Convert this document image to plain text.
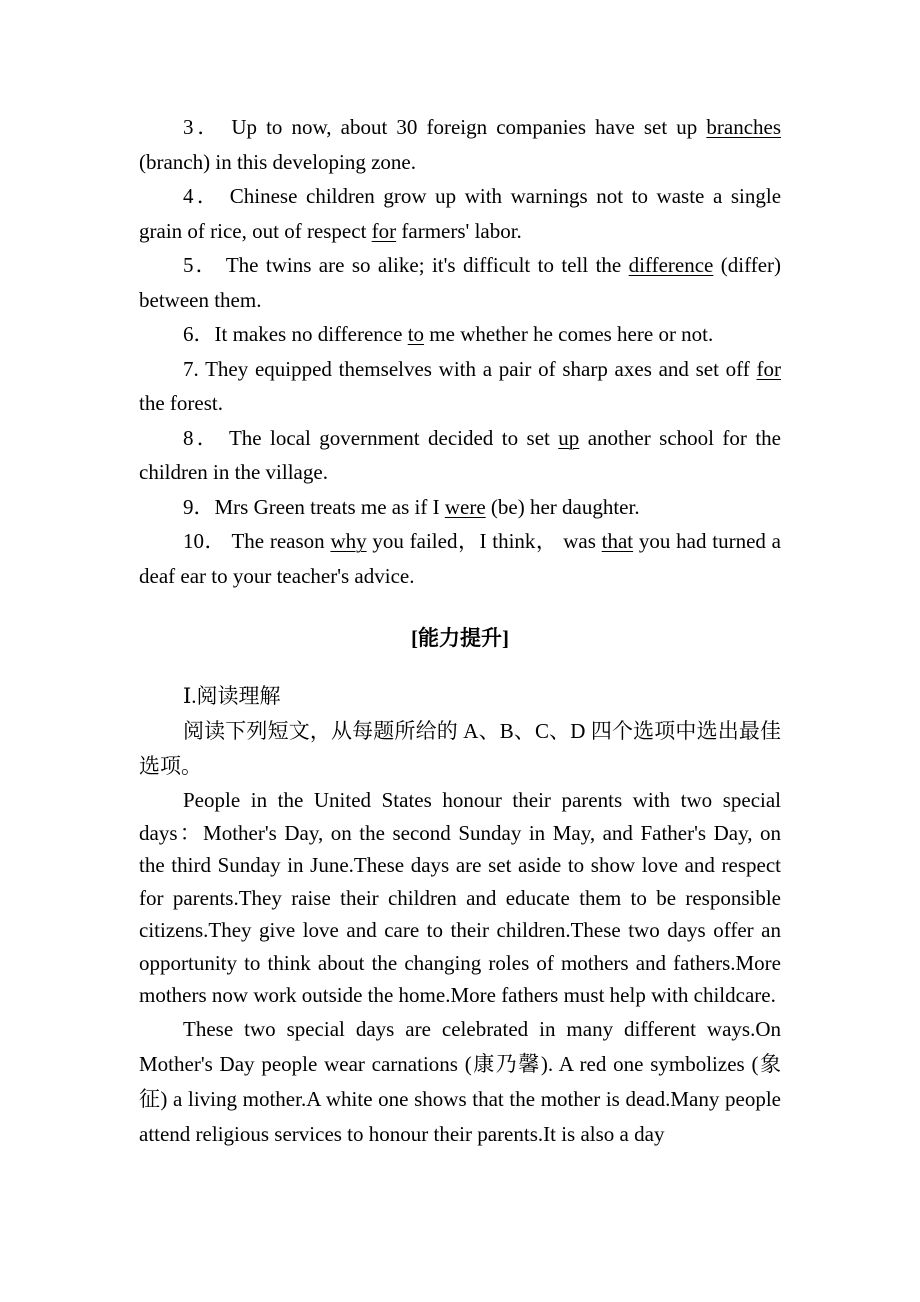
3． Up to now, about 30 foreign companies have set up branches (branch) in this developing zone.

4． Chinese children grow up with warnings not to waste a single grain of rice, out of respect for farmers' labor.

5． The twins are so alike; it's difficult to tell the difference (differ) between them.

6．It makes no difference to me whether he comes here or not.

7. They equipped themselves with a pair of sharp axes and set off for the forest.

8． The local government decided to set up another school for the children in the village.

9．Mrs Green treats me as if I were (be) her daughter.

10． The reason why you failed，I think， was that you had turned a deaf ear to your teacher's advice.

[能力提升]

Ⅰ.阅读理解

阅读下列短文，从每题所给的 A、B、C、D 四个选项中选出最佳选项。

People in the United States honour their parents with two special days：Mother's Day, on the second Sunday in May, and Father's Day, on the third Sunday in June.These days are set aside to show love and respect for parents.They raise their children and educate them to be responsible citizens.They give love and care to their children.These two days offer an opportunity to think about the changing roles of mothers and fathers.More mothers now work outside the home.More fathers must help with childcare.

These two special days are celebrated in many different ways.On Mother's Day people wear carnations (康乃馨). A red one symbolizes (象征) a living mother.A white one shows that the mother is dead.Many people attend religious services to honour their parents.It is also a day
